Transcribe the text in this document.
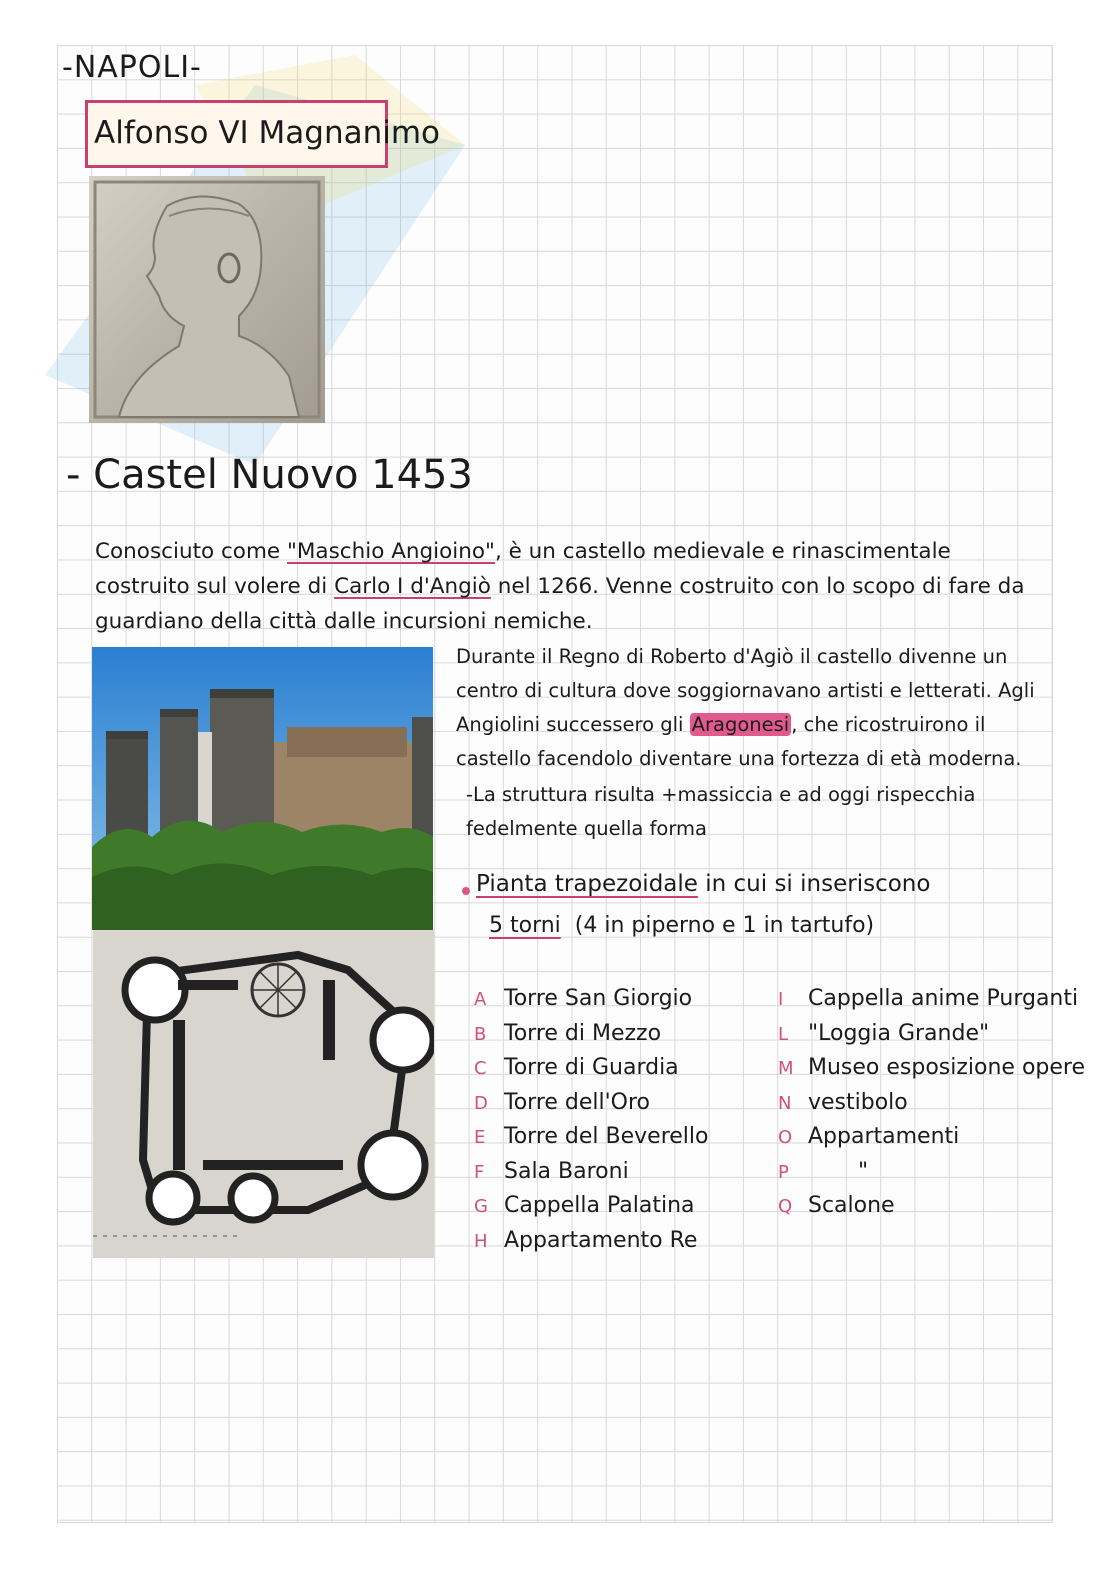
-NAPOLI-
Alfonso VI Magnanimo
- Castel Nuovo 1453
Conosciuto come "Maschio Angioino", è un castello medievale e rinascimentale costruito sul volere di Carlo I d'Angiò nel 1266. Venne costruito con lo scopo di fare da guardiano della città dalle incursioni nemiche.
Durante il Regno di Roberto d'Agiò il castello divenne un centro di cultura dove soggiornavano artisti e letterati. Agli Angiolini successero gli Aragonesi , che ricostruirono il castello facendolo diventare una fortezza di età moderna.
-La struttura risulta +massiccia e ad oggi rispecchia fedelmente quella forma
Pianta trapezoidale in cui si inseriscono
5 torni (4 in piperno e 1 in tartufo)
A Torre San Giorgio
B Torre di Mezzo
C Torre di Guardia
D Torre dell'Oro
E Torre del Beverello
F Sala Baroni
G Cappella Palatina
H Appartamento Re
I Cappella anime Purganti
L "Loggia Grande"
M Museo esposizione opere
N vestibolo
O Appartamenti
P	"
Q Scalone
